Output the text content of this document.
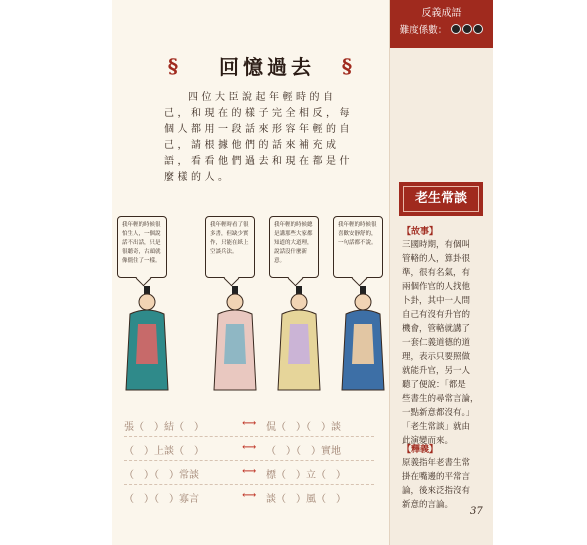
§	回憶過去	§
四位大臣說起年輕時的自
己，和現在的樣子完全相反，每
個人都用一段話來形容年輕的自
己，請根據他們的話來補充成
語，看看他們過去和現在都是什
麼樣的人。
我年輕的時候很怕生人，一個說話不出話，只是很聽奇，古頭就像僵住了一樣。
我年輕時看了很多書，但缺少實作，只能在紙上空談兵法。
我年輕的時候總是講那些大家都知道的大道理，說話沒什麼新意。
我年輕的時候很喜歡安靜舒的，一句話都不說。
張（　）結（　）	⟷ 侃（　）（　）談
（　）上談（　）	⟷ （　）（　）實地
（　）（　）常談	⟷ 標（　）立（　）
（　）（　）寡言	⟷ 談（　）風（　）
反義成語
難度係數：
老生常談
【故事】
三國時期，有個叫
管輅的人，算卦很
準，很有名氣，有
兩個作官的人找他
卜卦，其中一人問
自己有沒有升官的
機會，管輅就講了
一套仁義道德的道
理，表示只要照做
就能升官，另一人
聽了便說：「都是
些書生的尋常言論，
一點新意都沒有。」
「老生常談」就由
此演變而來。
【釋義】
原義指年老書生常
掛在嘴邊的平常言
論，後來泛指沒有
新意的言論。
37
